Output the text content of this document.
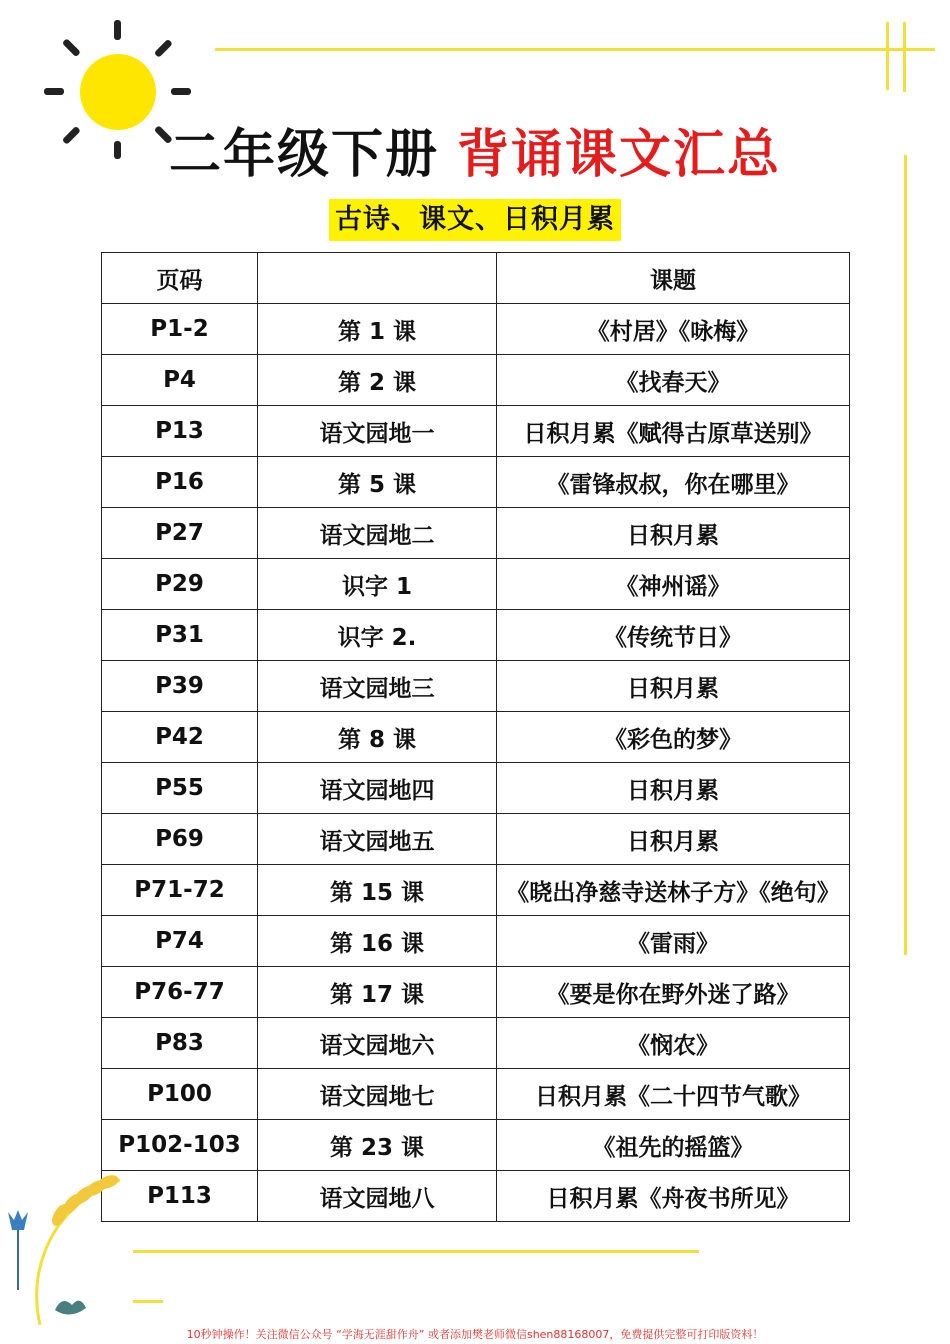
二年级下册 背诵课文汇总
古诗、课文、日积月累
页码		课题
P1-2	第 1 课	《村居》《咏梅》
P4	第 2 课	《找春天》
P13	语文园地一	日积月累《赋得古原草送别》
P16	第 5 课	《雷锋叔叔，你在哪里》
P27	语文园地二	日积月累
P29	识字 1	《神州谣》
P31	识字 2.	《传统节日》
P39	语文园地三	日积月累
P42	第 8 课	《彩色的梦》
P55	语文园地四	日积月累
P69	语文园地五	日积月累
P71-72	第 15 课	《晓出净慈寺送林子方》《绝句》
P74	第 16 课	《雷雨》
P76-77	第 17 课	《要是你在野外迷了路》
P83	语文园地六	《悯农》
P100	语文园地七	日积月累《二十四节气歌》
P102-103	第 23 课	《祖先的摇篮》
P113	语文园地八	日积月累《舟夜书所见》
10秒钟操作！关注微信公众号 “学海无涯甜作舟” 或者添加樊老师微信shen88168007，免费提供完整可打印版资料！
